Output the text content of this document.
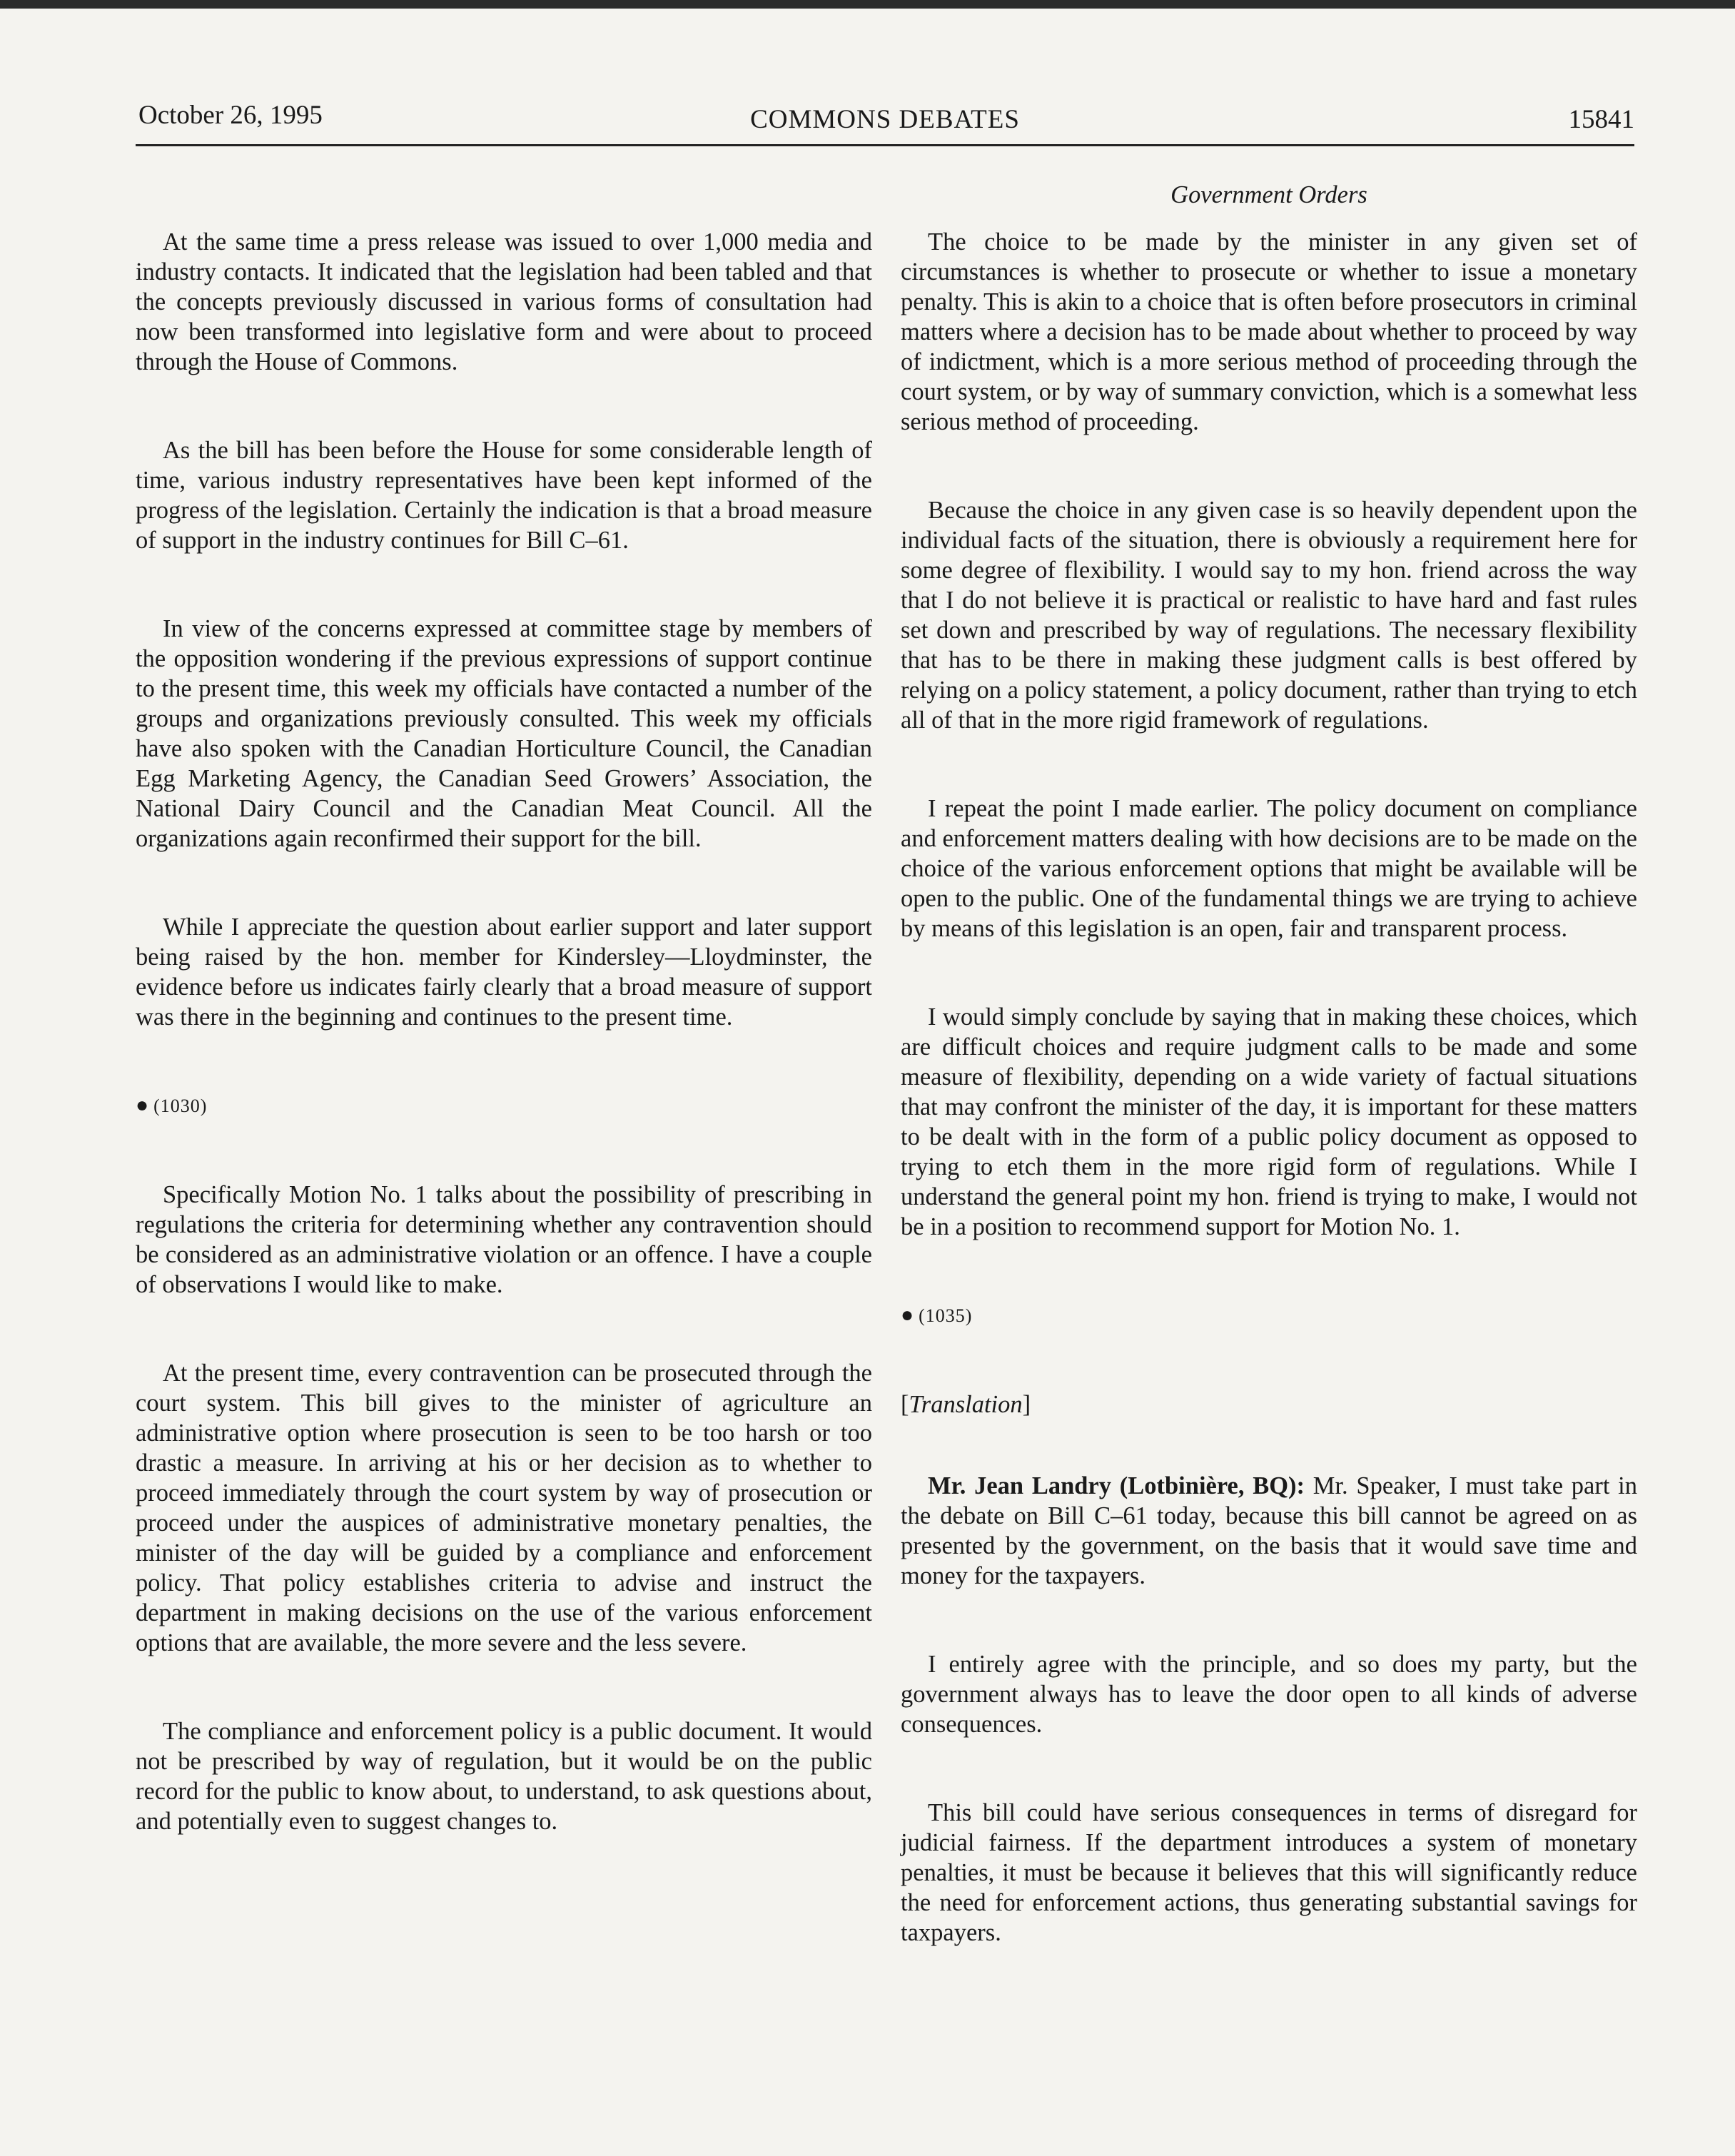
October 26, 1995	COMMONS DEBATES	15841
Government Orders

At the same time a press release was issued to over 1,000 media and industry contacts. It indicated that the legislation had been tabled and that the concepts previously discussed in various forms of consultation had now been transformed into legislative form and were about to proceed through the House of Commons.

As the bill has been before the House for some considerable length of time, various industry representatives have been kept informed of the progress of the legislation. Certainly the indication is that a broad measure of support in the industry continues for Bill C–61.

In view of the concerns expressed at committee stage by members of the opposition wondering if the previous expressions of support continue to the present time, this week my officials have contacted a number of the groups and organizations previously consulted. This week my officials have also spoken with the Canadian Horticulture Council, the Canadian Egg Marketing Agency, the Canadian Seed Growers’ Association, the National Dairy Council and the Canadian Meat Council. All the organizations again reconfirmed their support for the bill.

While I appreciate the question about earlier support and later support being raised by the hon. member for Kindersley—Lloydminster, the evidence before us indicates fairly clearly that a broad measure of support was there in the beginning and continues to the present time.

● (1030)

Specifically Motion No. 1 talks about the possibility of prescribing in regulations the criteria for determining whether any contravention should be considered as an administrative violation or an offence. I have a couple of observations I would like to make.

At the present time, every contravention can be prosecuted through the court system. This bill gives to the minister of agriculture an administrative option where prosecution is seen to be too harsh or too drastic a measure. In arriving at his or her decision as to whether to proceed immediately through the court system by way of prosecution or proceed under the auspices of administrative monetary penalties, the minister of the day will be guided by a compliance and enforcement policy. That policy establishes criteria to advise and instruct the department in making decisions on the use of the various enforcement options that are available, the more severe and the less severe.

The compliance and enforcement policy is a public document. It would not be prescribed by way of regulation, but it would be on the public record for the public to know about, to understand, to ask questions about, and potentially even to suggest changes to.

The choice to be made by the minister in any given set of circumstances is whether to prosecute or whether to issue a monetary penalty. This is akin to a choice that is often before prosecutors in criminal matters where a decision has to be made about whether to proceed by way of indictment, which is a more serious method of proceeding through the court system, or by way of summary conviction, which is a somewhat less serious method of proceeding.

Because the choice in any given case is so heavily dependent upon the individual facts of the situation, there is obviously a requirement here for some degree of flexibility. I would say to my hon. friend across the way that I do not believe it is practical or realistic to have hard and fast rules set down and prescribed by way of regulations. The necessary flexibility that has to be there in making these judgment calls is best offered by relying on a policy statement, a policy document, rather than trying to etch all of that in the more rigid framework of regulations.

I repeat the point I made earlier. The policy document on compliance and enforcement matters dealing with how decisions are to be made on the choice of the various enforcement options that might be available will be open to the public. One of the fundamental things we are trying to achieve by means of this legislation is an open, fair and transparent process.

I would simply conclude by saying that in making these choices, which are difficult choices and require judgment calls to be made and some measure of flexibility, depending on a wide variety of factual situations that may confront the minister of the day, it is important for these matters to be dealt with in the form of a public policy document as opposed to trying to etch them in the more rigid form of regulations. While I understand the general point my hon. friend is trying to make, I would not be in a position to recommend support for Motion No. 1.

● (1035)
[Translation]

Mr. Jean Landry (Lotbinière, BQ): Mr. Speaker, I must take part in the debate on Bill C–61 today, because this bill cannot be agreed on as presented by the government, on the basis that it would save time and money for the taxpayers.

I entirely agree with the principle, and so does my party, but the government always has to leave the door open to all kinds of adverse consequences.

This bill could have serious consequences in terms of disregard for judicial fairness. If the department introduces a system of monetary penalties, it must be because it believes that this will significantly reduce the need for enforcement actions, thus generating substantial savings for taxpayers.
